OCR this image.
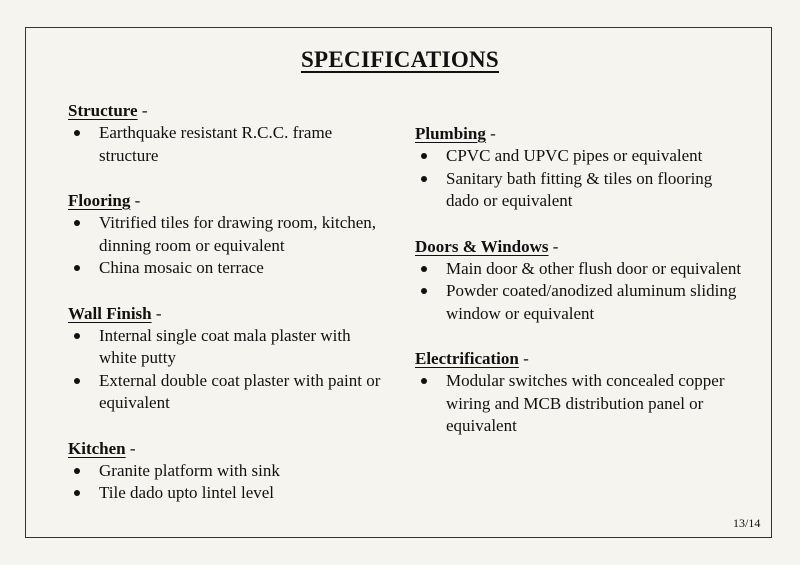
SPECIFICATIONS
Structure -
Earthquake resistant R.C.C. frame structure
Flooring -
Vitrified tiles for drawing room, kitchen, dinning room or equivalent
China mosaic on terrace
Wall Finish -
Internal single coat mala plaster with white putty
External double coat plaster with paint or equivalent
Kitchen -
Granite platform with sink
Tile dado upto lintel level
Plumbing -
CPVC and UPVC pipes or equivalent
Sanitary bath fitting & tiles on flooring dado or equivalent
Doors & Windows -
Main door & other flush door or equivalent
Powder coated/anodized aluminum sliding window or equivalent
Electrification -
Modular switches with concealed copper wiring and MCB distribution panel or equivalent
13/14
